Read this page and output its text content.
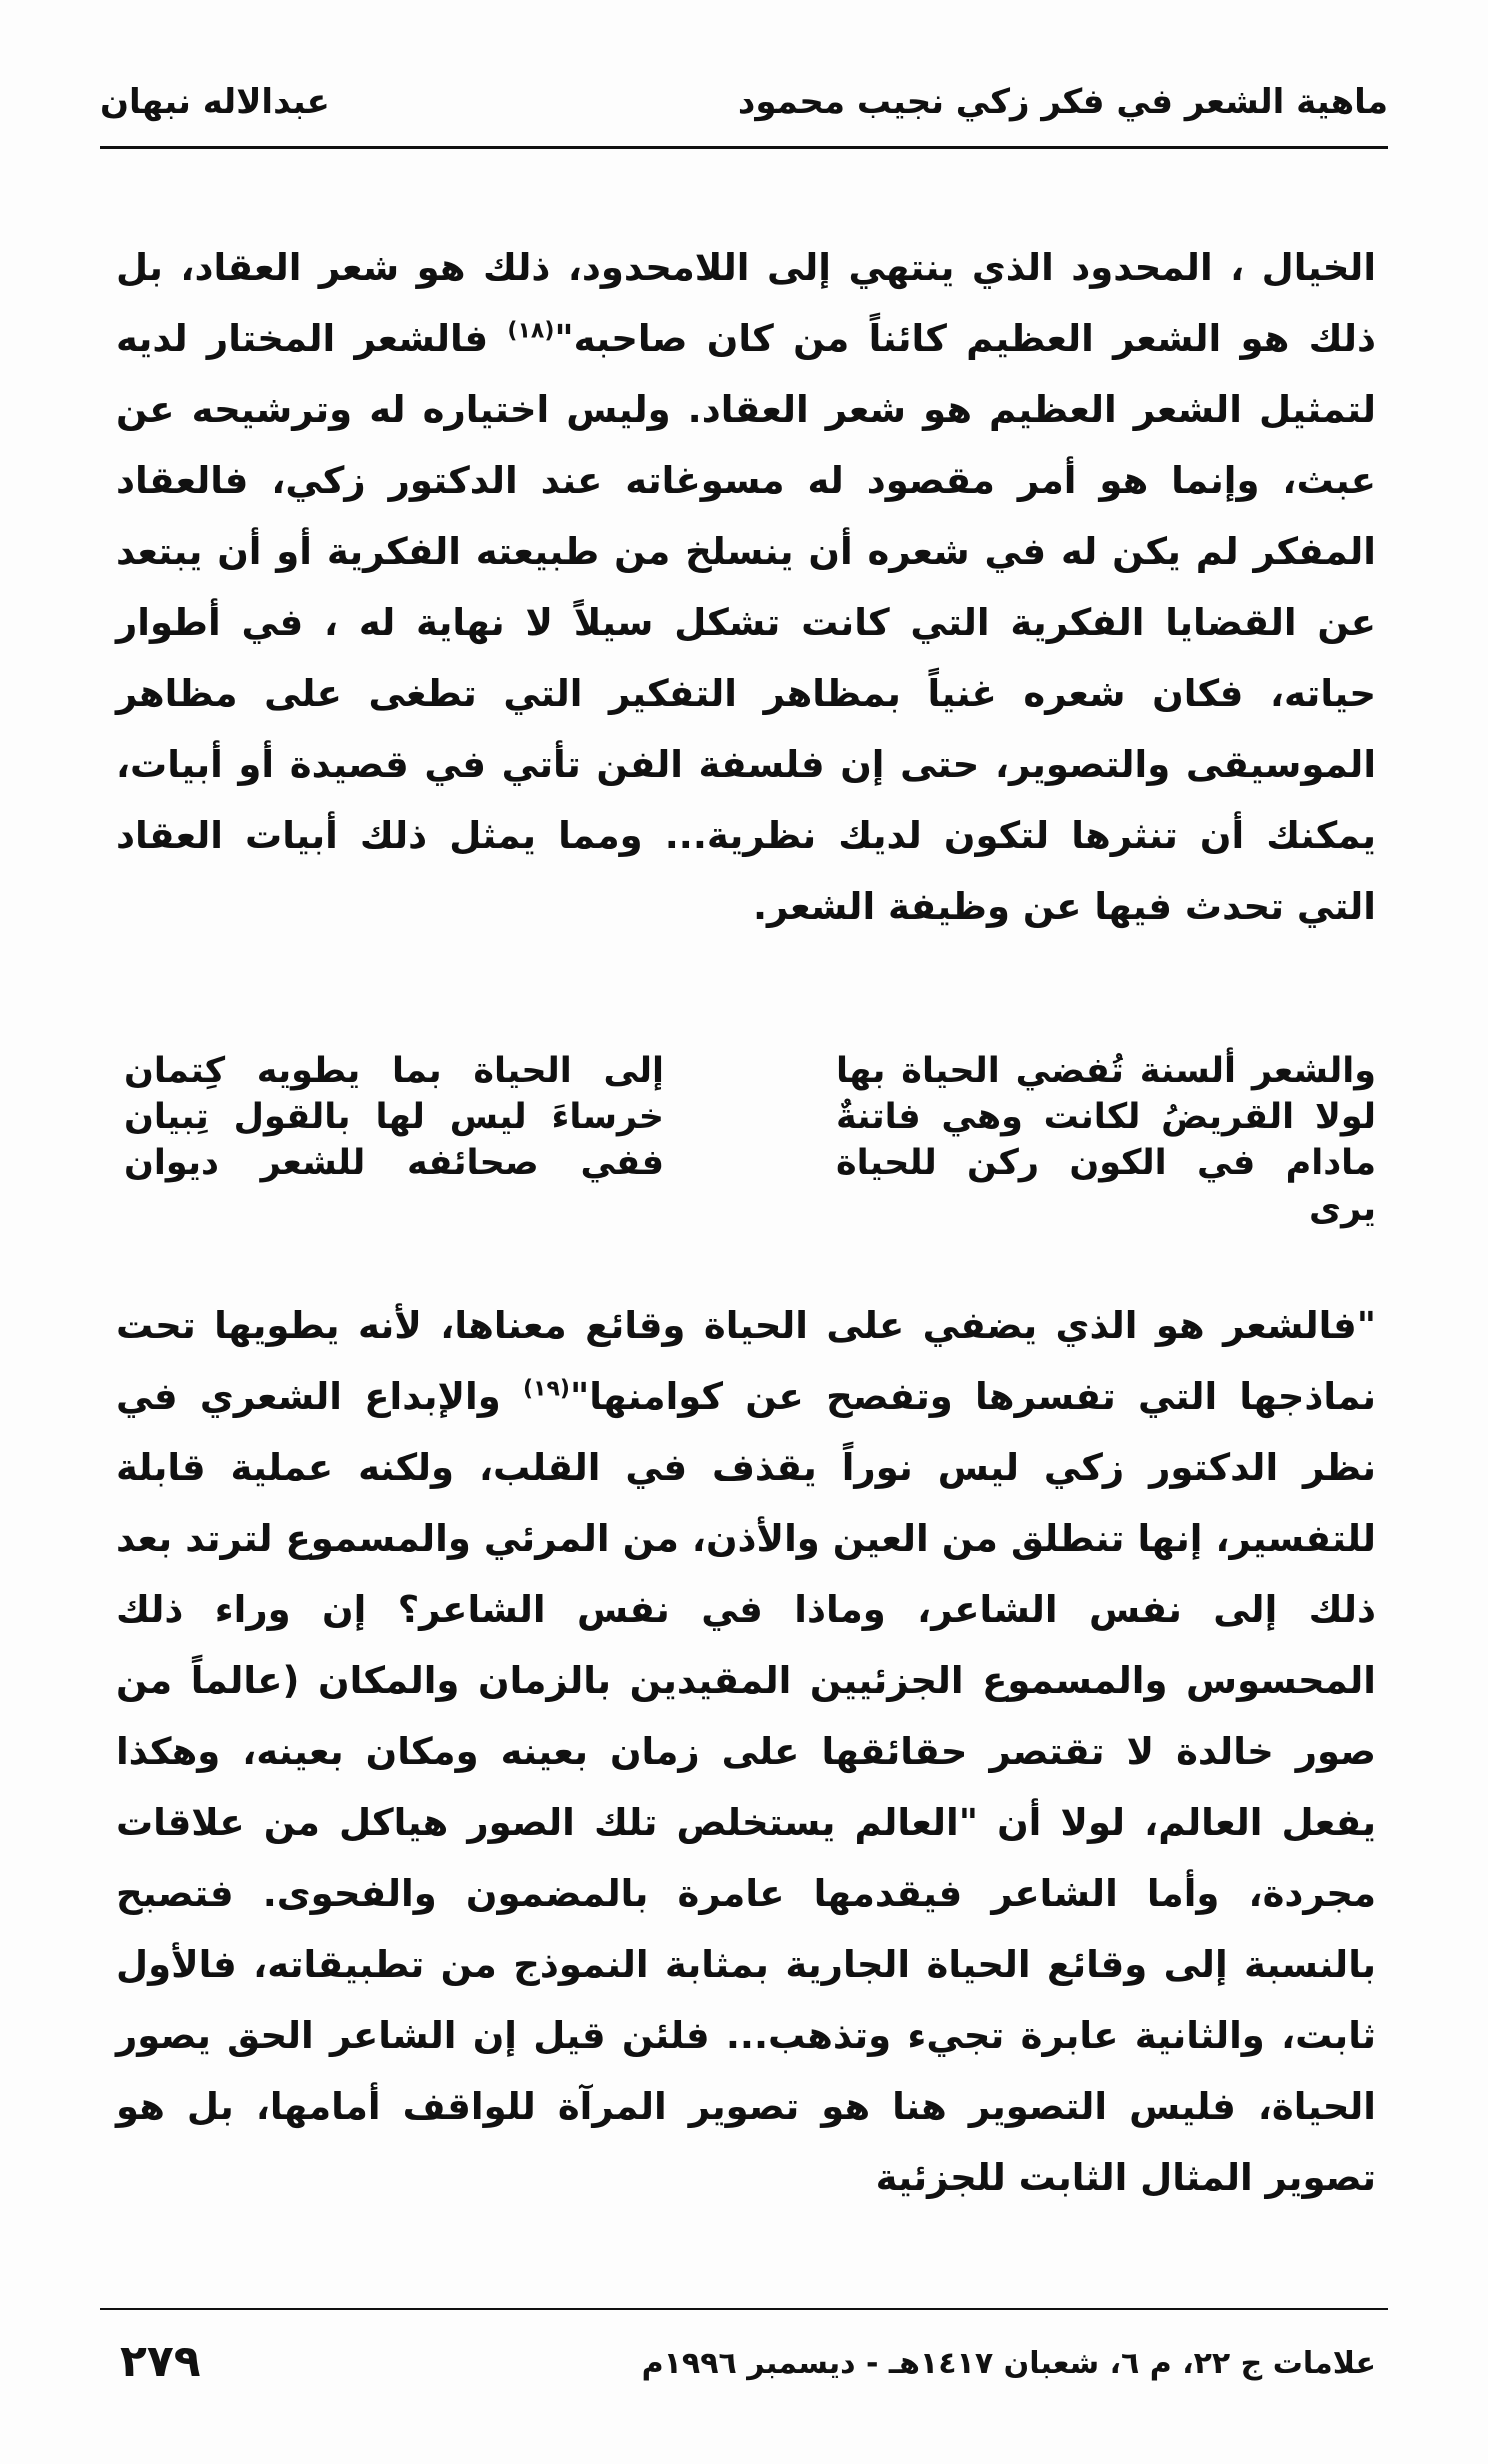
ماهية الشعر في فكر زكي نجيب محمود
عبدالاله نبهان

الخيال ، المحدود الذي ينتهي إلى اللامحدود، ذلك هو شعر العقاد، بل ذلك هو الشعر العظيم كائناً من كان صاحبه"$^{(١٨)}$ فالشعر المختار لديه لتمثيل الشعر العظيم هو شعر العقاد. وليس اختياره له وترشيحه عن عبث، وإنما هو أمر مقصود له مسوغاته عند الدكتور زكي، فالعقاد المفكر لم يكن له في شعره أن ينسلخ من طبيعته الفكرية أو أن يبتعد عن القضايا الفكرية التي كانت تشكل سيلاً لا نهاية له ، في أطوار حياته، فكان شعره غنياً بمظاهر التفكير التي تطغى على مظاهر الموسيقى والتصوير، حتى إن فلسفة الفن تأتي في قصيدة أو أبيات، يمكنك أن تنثرها لتكون لديك نظرية... ومما يمثل ذلك أبيات العقاد التي تحدث فيها عن وظيفة الشعر.

والشعر ألسنة تُفضي الحياة بها
إلى الحياة بما يطويه كِتمان
لولا القريضُ لكانت وهي فاتنةٌ
خرساءَ ليس لها بالقول تِبيان
مادام في الكون ركن للحياة يرى
ففي صحائفه للشعر ديوان

"فالشعر هو الذي يضفي على الحياة وقائع معناها، لأنه يطويها تحت نماذجها التي تفسرها وتفصح عن كوامنها"$^{(١٩)}$ والإبداع الشعري في نظر الدكتور زكي ليس نوراً يقذف في القلب، ولكنه عملية قابلة للتفسير، إنها تنطلق من العين والأذن، من المرئي والمسموع لترتد بعد ذلك إلى نفس الشاعر، وماذا في نفس الشاعر؟ إن وراء ذلك المحسوس والمسموع الجزئيين المقيدين بالزمان والمكان (عالماً من صور خالدة لا تقتصر حقائقها على زمان بعينه ومكان بعينه، وهكذا يفعل العالم، لولا أن "العالم يستخلص تلك الصور هياكل من علاقات مجردة، وأما الشاعر فيقدمها عامرة بالمضمون والفحوى. فتصبح بالنسبة إلى وقائع الحياة الجارية بمثابة النموذج من تطبيقاته، فالأول ثابت، والثانية عابرة تجيء وتذهب... فلئن قيل إن الشاعر الحق يصور الحياة، فليس التصوير هنا هو تصوير المرآة للواقف أمامها، بل هو تصوير المثال الثابت للجزئية

علامات ج ٢٢، م ٦، شعبان ١٤١٧هـ - ديسمبر ١٩٩٦م
٢٧٩
